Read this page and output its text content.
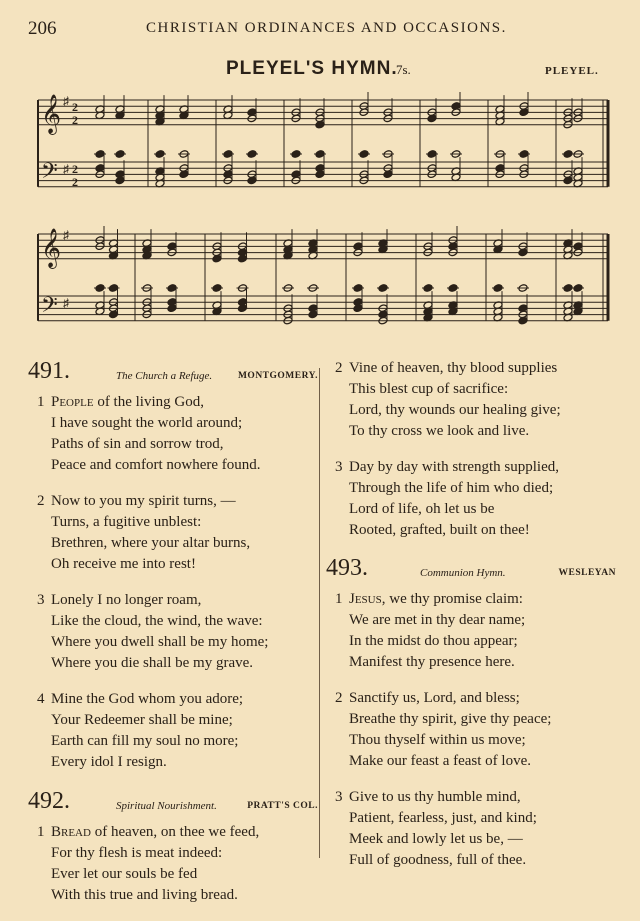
206	CHRISTIAN ORDINANCES AND OCCASIONS.
PLEYEL'S HYMN.
7s.	PLEYEL.
𝄞 ♯
𝄢 ♯
𝄞 ♯
𝄢 ♯
2
2
2
2
491.	The Church a Refuge.	MONTGOMERY.
1 People of the living God,
I have sought the world around;
Paths of sin and sorrow trod,
Peace and comfort nowhere found.
2 Now to you my spirit turns, —
Turns, a fugitive unblest:
Brethren, where your altar burns,
Oh receive me into rest!
3 Lonely I no longer roam,
Like the cloud, the wind, the wave:
Where you dwell shall be my home;
Where you die shall be my grave.
4 Mine the God whom you adore;
Your Redeemer shall be mine;
Earth can fill my soul no more;
Every idol I resign.
492.	Spiritual Nourishment.	PRATT'S COL.
1 Bread of heaven, on thee we feed,
For thy flesh is meat indeed:
Ever let our souls be fed
With this true and living bread.
2 Vine of heaven, thy blood supplies
This blest cup of sacrifice:
Lord, thy wounds our healing give;
To thy cross we look and live.
3 Day by day with strength supplied,
Through the life of him who died;
Lord of life, oh let us be
Rooted, grafted, built on thee!
493.	Communion Hymn.	WESLEYAN
1 Jesus, we thy promise claim:
We are met in thy dear name;
In the midst do thou appear;
Manifest thy presence here.
2 Sanctify us, Lord, and bless;
Breathe thy spirit, give thy peace;
Thou thyself within us move;
Make our feast a feast of love.
3 Give to us thy humble mind,
Patient, fearless, just, and kind;
Meek and lowly let us be, —
Full of goodness, full of thee.
